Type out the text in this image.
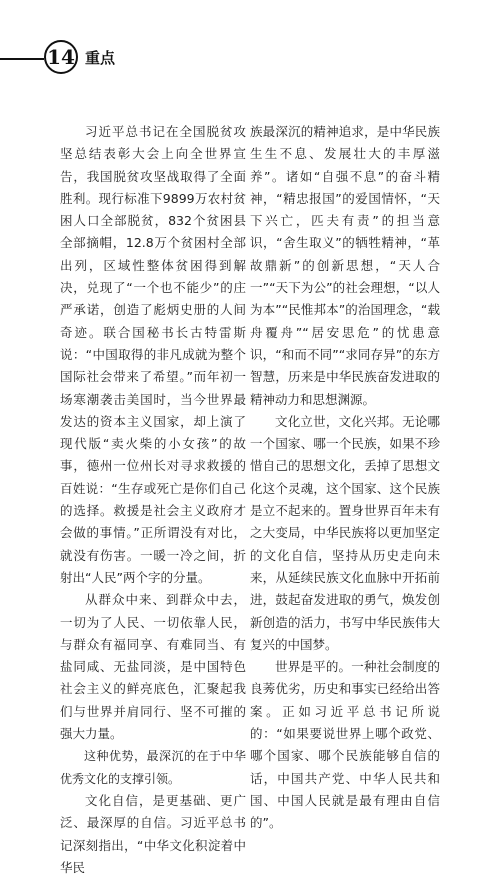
14 重点

习近平总书记在全国脱贫攻坚总结表彰大会上向全世界宣告，我国脱贫攻坚战取得了全面胜利。现行标准下9899万农村贫困人口全部脱贫，832个贫困县全部摘帽，12.8万个贫困村全部出列，区域性整体贫困得到解决，兑现了“一个也不能少”的庄严承诺，创造了彪炳史册的人间奇迹。联合国秘书长古特雷斯说：“中国取得的非凡成就为整个国际社会带来了希望。”而年初一场寒潮袭击美国时，当今世界最发达的资本主义国家，却上演了现代版“卖火柴的小女孩”的故事，德州一位州长对寻求救援的百姓说：“生存或死亡是你们自己的选择。救援是社会主义政府才会做的事情。”正所谓没有对比，就没有伤害。一暖一冷之间，折射出“人民”两个字的分量。

从群众中来、到群众中去，一切为了人民、一切依靠人民，与群众有福同享、有难同当、有盐同咸、无盐同淡，是中国特色社会主义的鲜亮底色，汇聚起我们与世界并肩同行、坚不可摧的强大力量。

这种优势，最深沉的在于中华优秀文化的支撑引领。

文化自信，是更基础、更广泛、最深厚的自信。习近平总书记深刻指出，“中华文化积淀着中华民

族最深沉的精神追求，是中华民族生生不息、发展壮大的丰厚滋养”。诸如“自强不息”的奋斗精神，“精忠报国”的爱国情怀，“天下兴亡，匹夫有责”的担当意识，“舍生取义”的牺牲精神，“革故鼎新”的创新思想，“天人合一”“天下为公”的社会理想，“以人为本”“民惟邦本”的治国理念，“载舟覆舟”“居安思危”的忧患意识，“和而不同”“求同存异”的东方智慧，历来是中华民族奋发进取的精神动力和思想渊源。

文化立世，文化兴邦。无论哪一个国家、哪一个民族，如果不珍惜自己的思想文化，丢掉了思想文化这个灵魂，这个国家、这个民族是立不起来的。置身世界百年未有之大变局，中华民族将以更加坚定的文化自信，坚持从历史走向未来，从延续民族文化血脉中开拓前进，鼓起奋发进取的勇气，焕发创新创造的活力，书写中华民族伟大复兴的中国梦。

世界是平的。一种社会制度的良莠优劣，历史和事实已经给出答案。正如习近平总书记所说的：“如果要说世界上哪个政党、哪个国家、哪个民族能够自信的话，中国共产党、中华人民共和国、中国人民就是最有理由自信的”。
